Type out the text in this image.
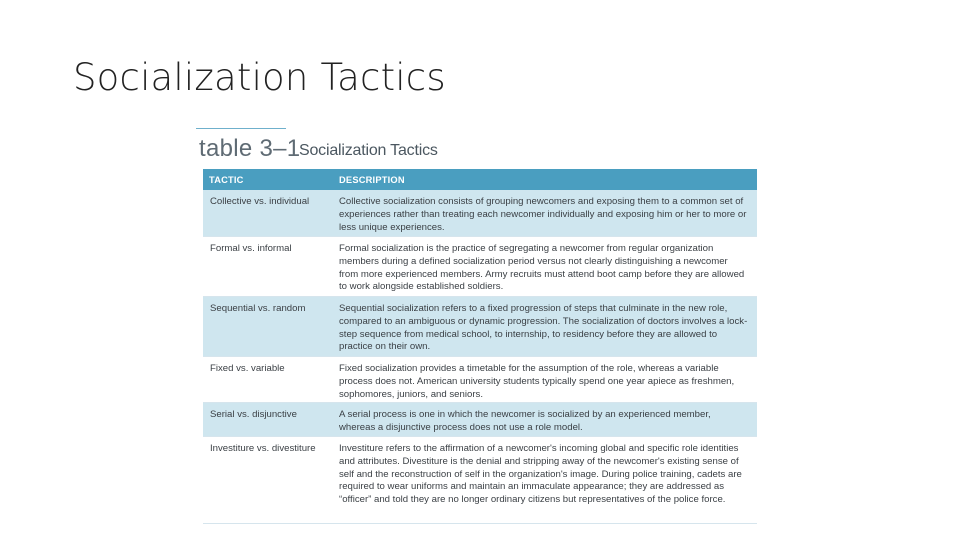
Socialization Tactics
table 3–1
Socialization Tactics
TACTIC	DESCRIPTION
Collective vs. individual	Collective socialization consists of grouping newcomers and exposing them to a common set of experiences rather than treating each newcomer individually and exposing him or her to more or less unique experiences.
Formal vs. informal	Formal socialization is the practice of segregating a newcomer from regular organization members during a defined socialization period versus not clearly distinguishing a newcomer from more experienced members. Army recruits must attend boot camp before they are allowed to work alongside established soldiers.
Sequential vs. random	Sequential socialization refers to a fixed progression of steps that culminate in the new role, compared to an ambiguous or dynamic progression. The socialization of doctors involves a lock-step sequence from medical school, to internship, to residency before they are allowed to practice on their own.
Fixed vs. variable	Fixed socialization provides a timetable for the assumption of the role, whereas a variable process does not. American university students typically spend one year apiece as freshmen, sophomores, juniors, and seniors.
Serial vs. disjunctive	A serial process is one in which the newcomer is socialized by an experienced member, whereas a disjunctive process does not use a role model.
Investiture vs. divestiture	Investiture refers to the affirmation of a newcomer's incoming global and specific role identities and attributes. Divestiture is the denial and stripping away of the newcomer's existing sense of self and the reconstruction of self in the organization's image. During police training, cadets are required to wear uniforms and maintain an immaculate appearance; they are addressed as “officer” and told they are no longer ordinary citizens but representatives of the police force.
